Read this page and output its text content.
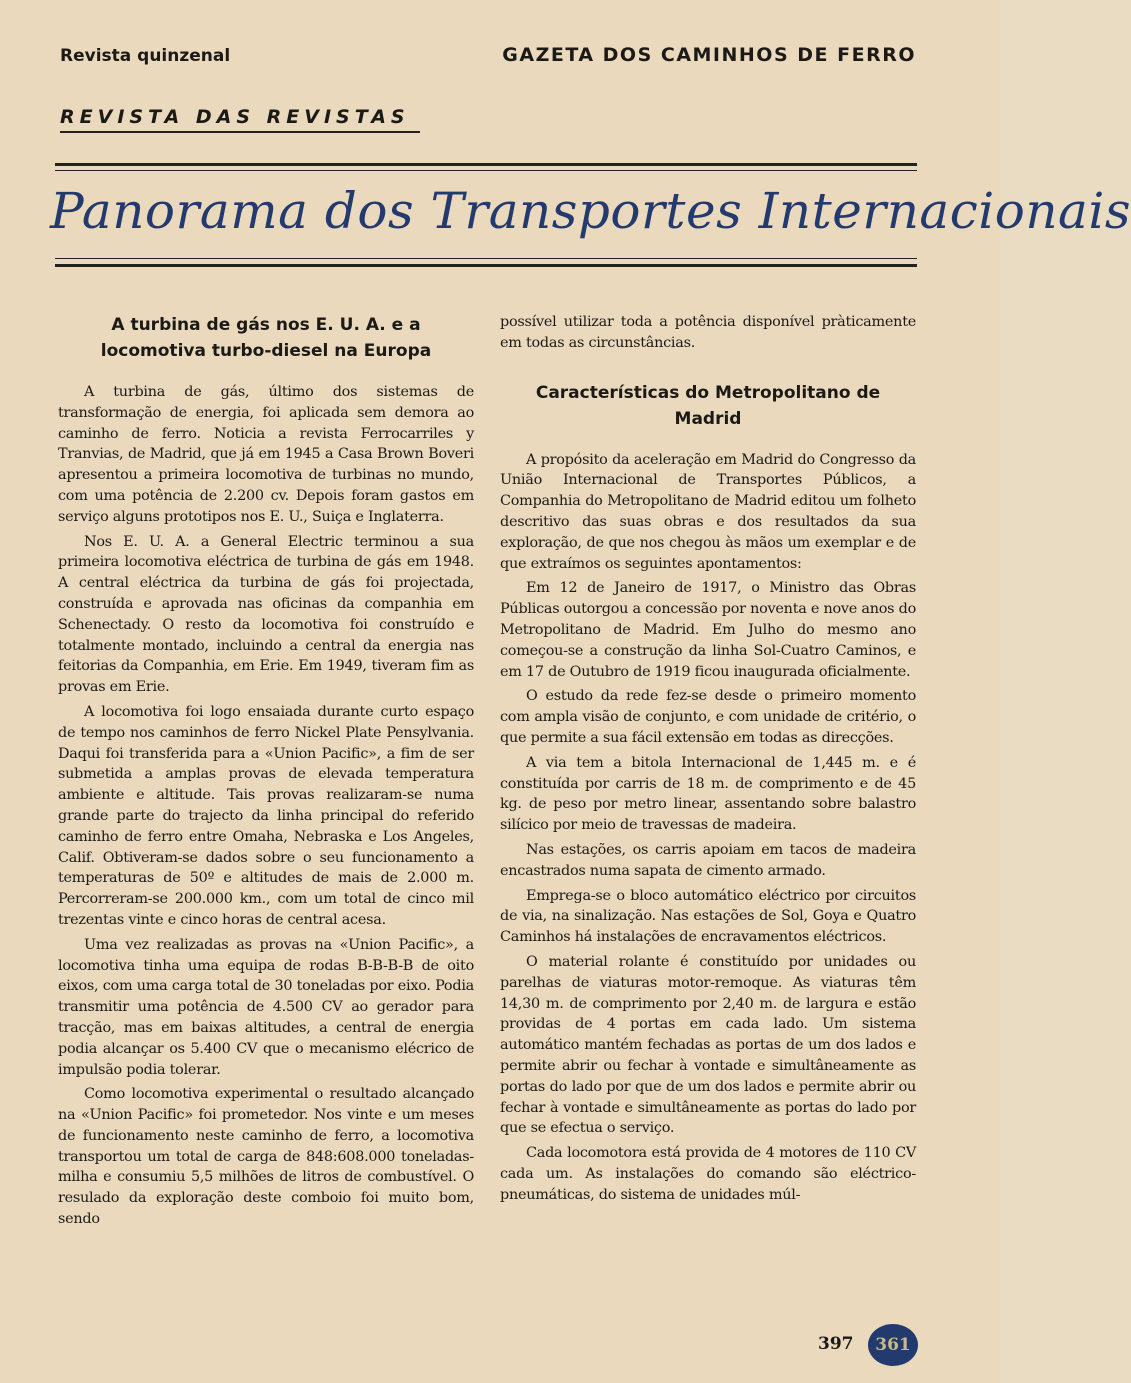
Revista quinzenal	GAZETA DOS CAMINHOS DE FERRO
REVISTA DAS REVISTAS
Panorama dos Transportes Internacionais
A turbina de gás nos E. U. A. e a locomotiva turbo-diesel na Europa

A turbina de gás, último dos sistemas de transformação de energia, foi aplicada sem demora ao caminho de ferro. Noticia a revista Ferrocarriles y Tranvias, de Madrid, que já em 1945 a Casa Brown Boveri apresentou a primeira locomotiva de turbinas no mundo, com uma potência de 2.200 cv. Depois foram gastos em serviço alguns prototipos nos E. U., Suiça e Inglaterra.

Nos E. U. A. a General Electric terminou a sua primeira locomotiva eléctrica de turbina de gás em 1948. A central eléctrica da turbina de gás foi projectada, construída e aprovada nas oficinas da companhia em Schenectady. O resto da locomotiva foi construído e totalmente montado, incluindo a central da energia nas feitorias da Companhia, em Erie. Em 1949, tiveram fim as provas em Erie.

A locomotiva foi logo ensaiada durante curto espaço de tempo nos caminhos de ferro Nickel Plate Pensylvania. Daqui foi transferida para a «Union Pacific», a fim de ser submetida a amplas provas de elevada temperatura ambiente e altitude. Tais provas realizaram-se numa grande parte do trajecto da linha principal do referido caminho de ferro entre Omaha, Nebraska e Los Angeles, Calif. Obtiveram-se dados sobre o seu funcionamento a temperaturas de 50º e altitudes de mais de 2.000 m. Percorreram-se 200.000 km., com um total de cinco mil trezentas vinte e cinco horas de central acesa.

Uma vez realizadas as provas na «Union Pacific», a locomotiva tinha uma equipa de rodas B-B-B-B de oito eixos, com uma carga total de 30 toneladas por eixo. Podia transmitir uma potência de 4.500 CV ao gerador para tracção, mas em baixas altitudes, a central de energia podia alcançar os 5.400 CV que o mecanismo elécrico de impulsão podia tolerar.

Como locomotiva experimental o resultado alcançado na «Union Pacific» foi prometedor. Nos vinte e um meses de funcionamento neste caminho de ferro, a locomotiva transportou um total de carga de 848:608.000 toneladas-milha e consumiu 5,5 milhões de litros de combustível. O resulado da exploração deste comboio foi muito bom, sendo

possível utilizar toda a potência disponível pràticamente em todas as circunstâncias.

Características do Metropolitano de Madrid

A propósito da aceleração em Madrid do Congresso da União Internacional de Transportes Públicos, a Companhia do Metropolitano de Madrid editou um folheto descritivo das suas obras e dos resultados da sua exploração, de que nos chegou às mãos um exemplar e de que extraímos os seguintes apontamentos:

Em 12 de Janeiro de 1917, o Ministro das Obras Públicas outorgou a concessão por noventa e nove anos do Metropolitano de Madrid. Em Julho do mesmo ano começou-se a construção da linha Sol-Cuatro Caminos, e em 17 de Outubro de 1919 ficou inaugurada oficialmente.

O estudo da rede fez-se desde o primeiro momento com ampla visão de conjunto, e com unidade de critério, o que permite a sua fácil extensão em todas as direcções.

A via tem a bitola Internacional de 1,445 m. e é constituída por carris de 18 m. de comprimento e de 45 kg. de peso por metro linear, assentando sobre balastro silícico por meio de travessas de madeira.

Nas estações, os carris apoiam em tacos de madeira encastrados numa sapata de cimento armado.

Emprega-se o bloco automático eléctrico por circuitos de via, na sinalização. Nas estações de Sol, Goya e Quatro Caminhos há instalações de encravamentos eléctricos.

O material rolante é constituído por unidades ou parelhas de viaturas motor-remoque. As viaturas têm 14,30 m. de comprimento por 2,40 m. de largura e estão providas de 4 portas em cada lado. Um sistema automático mantém fechadas as portas de um dos lados e permite abrir ou fechar à vontade e simultâneamente as portas do lado por que de um dos lados e permite abrir ou fechar à vontade e simultâneamente as portas do lado por que se efectua o serviço.

Cada locomotora está provida de 4 motores de 110 CV cada um. As instalações do comando são eléctrico-pneumáticas, do sistema de unidades múl-

397	361
